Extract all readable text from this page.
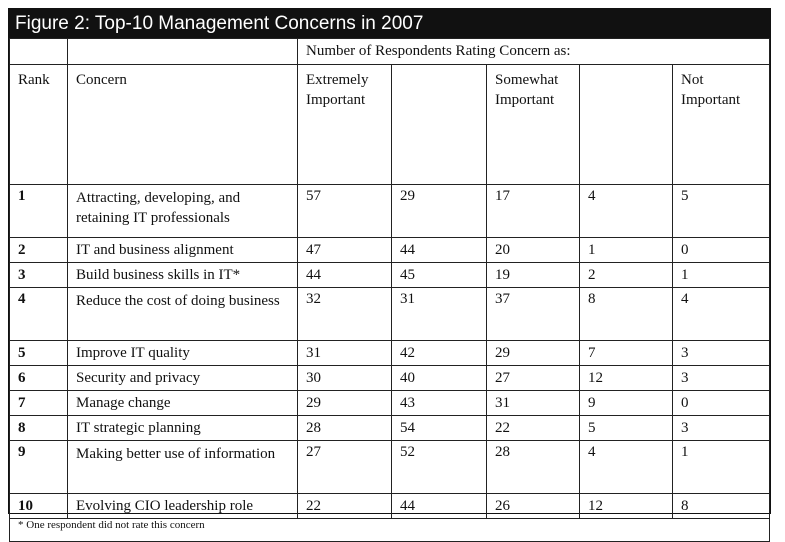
Figure 2: Top-10 Management Concerns in 2007
		Number of Respondents Rating Concern as:				
Rank	Concern	Extremely Important		Somewhat Important		Not Important
1	Attracting, developing, and retaining IT professionals	57	29	17	4	5
2	IT and business alignment	47	44	20	1	0
3	Build business skills in IT*	44	45	19	2	1
4	Reduce the cost of doing business	32	31	37	8	4
5	Improve IT quality	31	42	29	7	3
6	Security and privacy	30	40	27	12	3
7	Manage change	29	43	31	9	0
8	IT strategic planning	28	54	22	5	3
9	Making better use of information	27	52	28	4	1
10	Evolving CIO leadership role	22	44	26	12	8
* One respondent did not rate this concern						
